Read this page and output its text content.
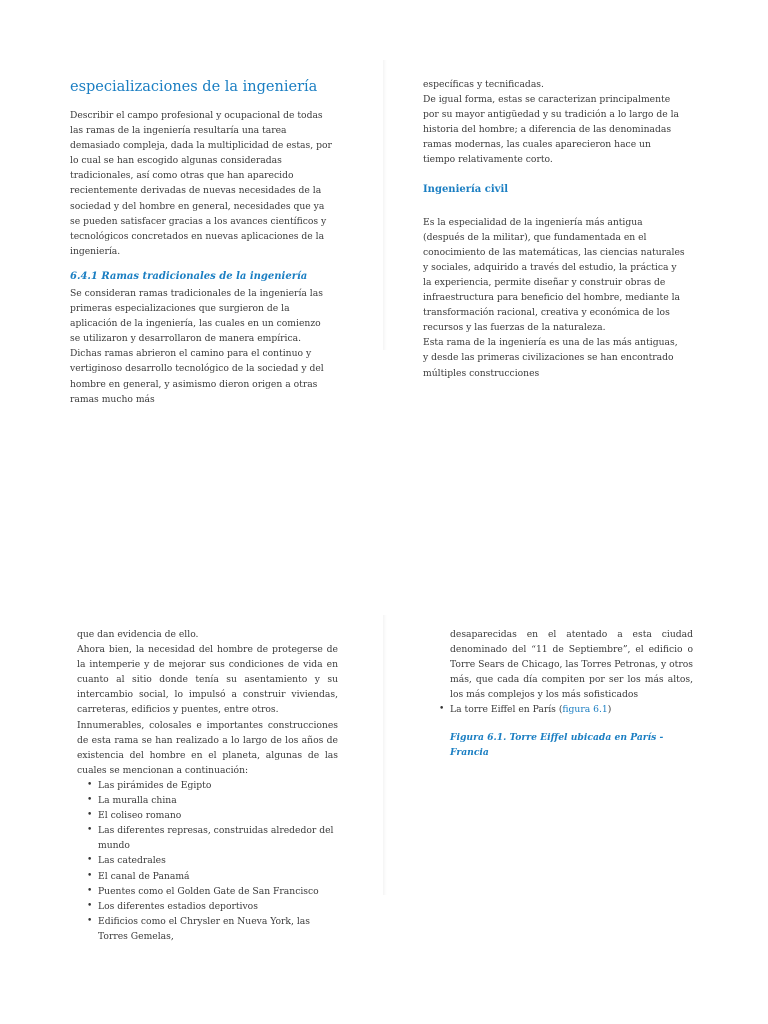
especializaciones de la ingeniería

Describir el campo profesional y ocupacional de todas las ramas de la ingeniería resultaría una tarea demasiado compleja, dada la multiplicidad de estas, por lo cual se han escogido algunas consideradas tradicionales, así como otras que han aparecido recientemente derivadas de nuevas necesidades de la sociedad y del hombre en general, necesidades que ya se pueden satisfacer gracias a los avances científicos y tecnológicos concretados en nuevas aplicaciones de la ingeniería.

6.4.1 Ramas tradicionales de la ingeniería

Se consideran ramas tradicionales de la ingeniería las primeras especializaciones que surgieron de la aplicación de la ingeniería, las cuales en un comienzo se utilizaron y desarrollaron de manera empírica. Dichas ramas abrieron el camino para el continuo y vertiginoso desarrollo tecnológico de la sociedad y del hombre en general, y asimismo dieron origen a otras ramas mucho más

específicas y tecnificadas.

De igual forma, estas se caracterizan principalmente por su mayor antigüedad y su tradición a lo largo de la historia del hombre; a diferencia de las denominadas ramas modernas, las cuales aparecieron hace un tiempo relativamente corto.

Ingeniería civil

Es la especialidad de la ingeniería más antigua (después de la militar), que fundamentada en el conocimiento de las matemáticas, las ciencias naturales y sociales, adquirido a través del estudio, la práctica y la experiencia, permite diseñar y construir obras de infraestructura para beneficio del hombre, mediante la transformación racional, creativa y económica de los recursos y las fuerzas de la naturaleza.

Esta rama de la ingeniería es una de las más antiguas, y desde las primeras civilizaciones se han encontrado múltiples construcciones

que dan evidencia de ello.

Ahora bien, la necesidad del hombre de protegerse de la intemperie y de mejorar sus condiciones de vida en cuanto al sitio donde tenía su asentamiento y su intercambio social, lo impulsó a construir viviendas, carreteras, edificios y puentes, entre otros.

Innumerables, colosales e importantes construcciones de esta rama se han realizado a lo largo de los años de existencia del hombre en el planeta, algunas de las cuales se mencionan a continuación:

• Las pirámides de Egipto
• La muralla china
• El coliseo romano
• Las diferentes represas, construidas alrededor del mundo
• Las catedrales
• El canal de Panamá
• Puentes como el Golden Gate de San Francisco
• Los diferentes estadios deportivos
• Edificios como el Chrysler en Nueva York, las Torres Gemelas,

desaparecidas en el atentado a esta ciudad denominado del “11 de Septiembre”, el edificio o Torre Sears de Chicago, las Torres Petronas, y otros más, que cada día compiten por ser los más altos, los más complejos y los más sofisticados

• La torre Eiffel en París (figura 6.1)
Figura 6.1. Torre Eiffel ubicada en París -Francia
